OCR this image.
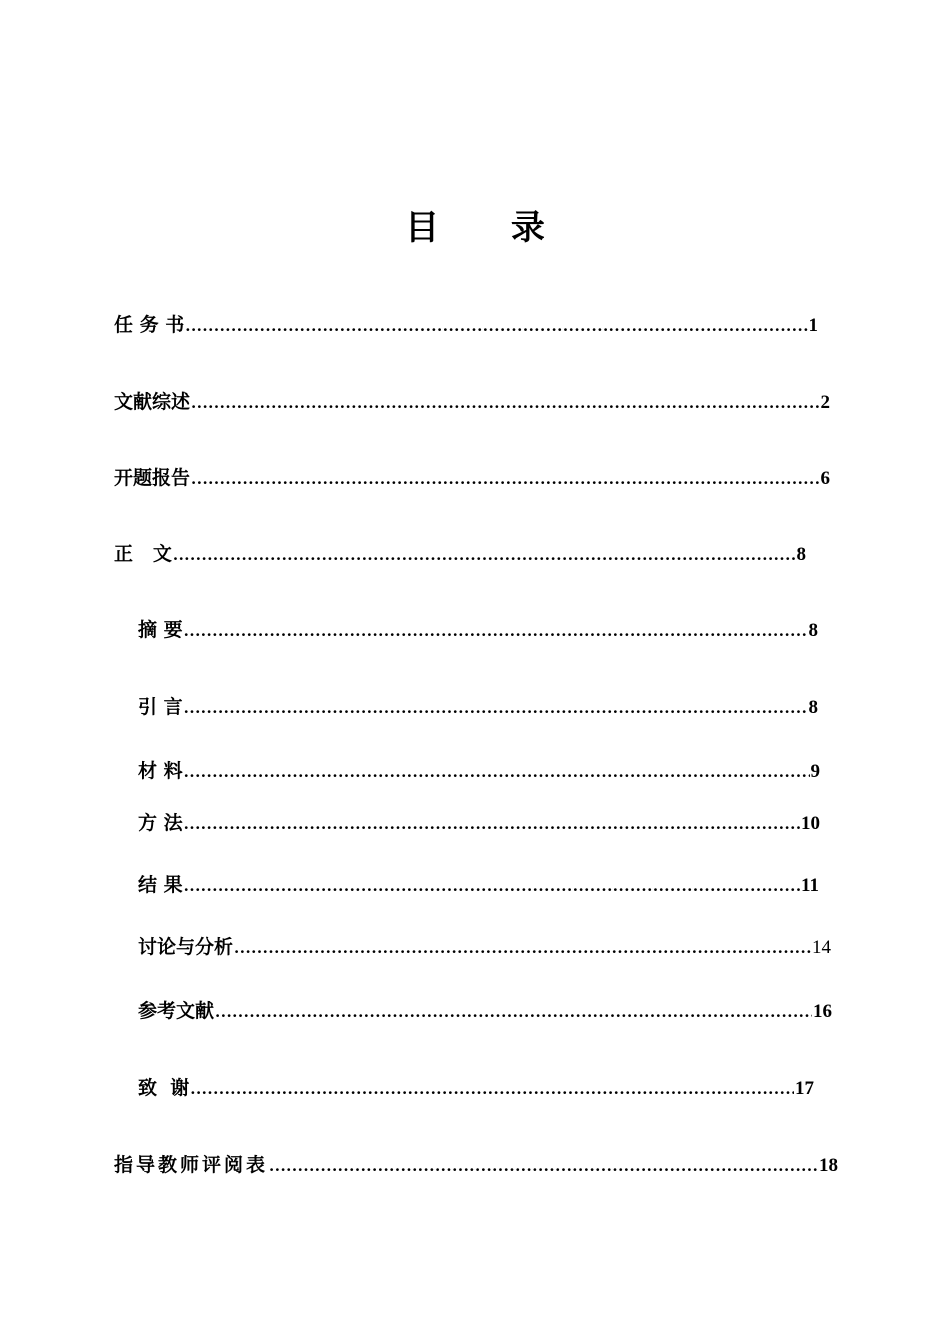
目 录
任 务 书 .....	1
文献综述 .....	2
开题报告 .....	6
正   文 .....	8
摘 要 .....	8
引 言 .....	8
材 料 .....	9
方 法 .....	10
结 果 .....	11
讨论与分析 .....	14
参考文献 .....	16
致  谢 .....	17
指导教师评阅表 .....	18
